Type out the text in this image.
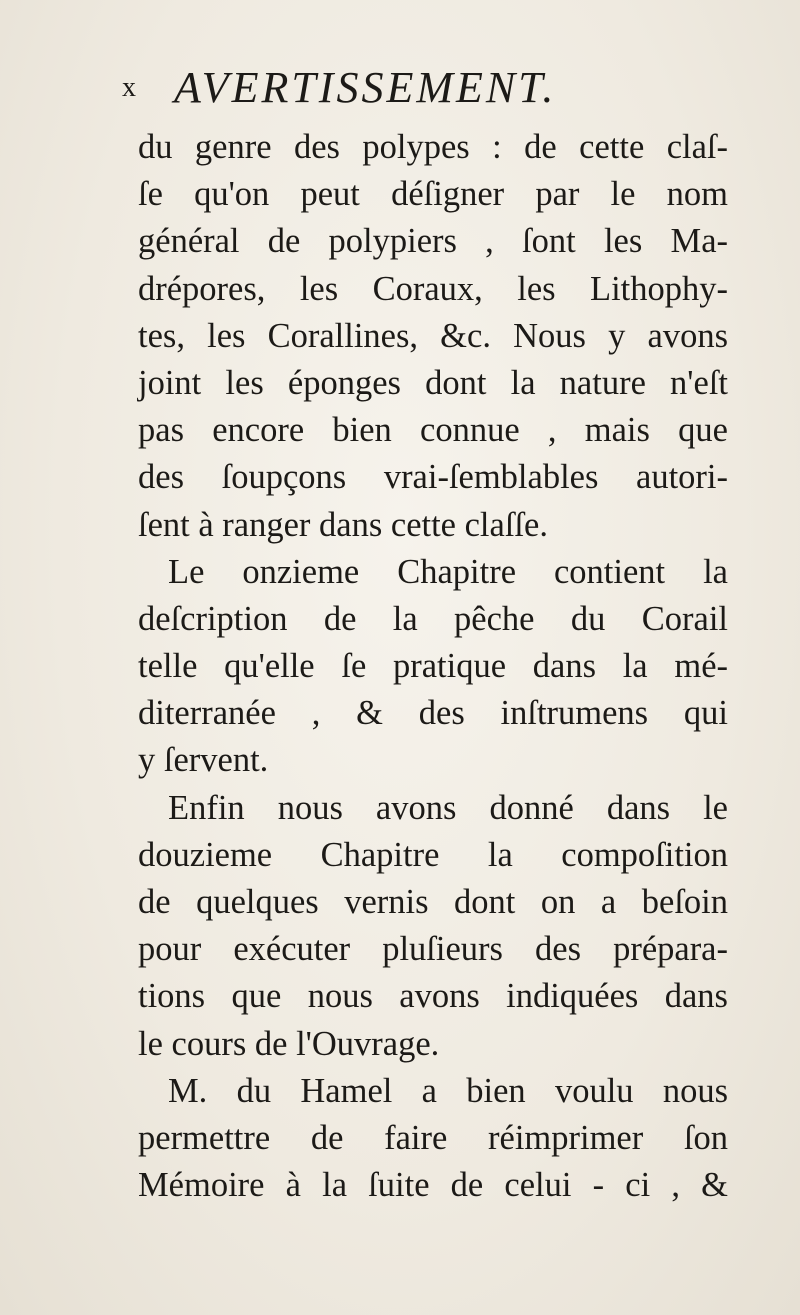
x AVERTISSEMENT.
du genre des polypes : de cette claſ-
ſe qu'on peut déſigner par le nom
général de polypiers , ſont les Ma-
drépores, les Coraux, les Lithophy-
tes, les Corallines, &c. Nous y avons
joint les éponges dont la nature n'eſt
pas encore bien connue , mais que
des ſoupçons vrai-ſemblables autori-
ſent à ranger dans cette claſſe.
Le onzieme Chapitre contient la
deſcription de la pêche du Corail
telle qu'elle ſe pratique dans la mé-
diterranée , & des inſtrumens qui
y ſervent.
Enfin nous avons donné dans le
douzieme Chapitre la compoſition
de quelques vernis dont on a beſoin
pour exécuter pluſieurs des prépara-
tions que nous avons indiquées dans
le cours de l'Ouvrage.
M. du Hamel a bien voulu nous
permettre de faire réimprimer ſon
Mémoire à la ſuite de celui - ci , &
